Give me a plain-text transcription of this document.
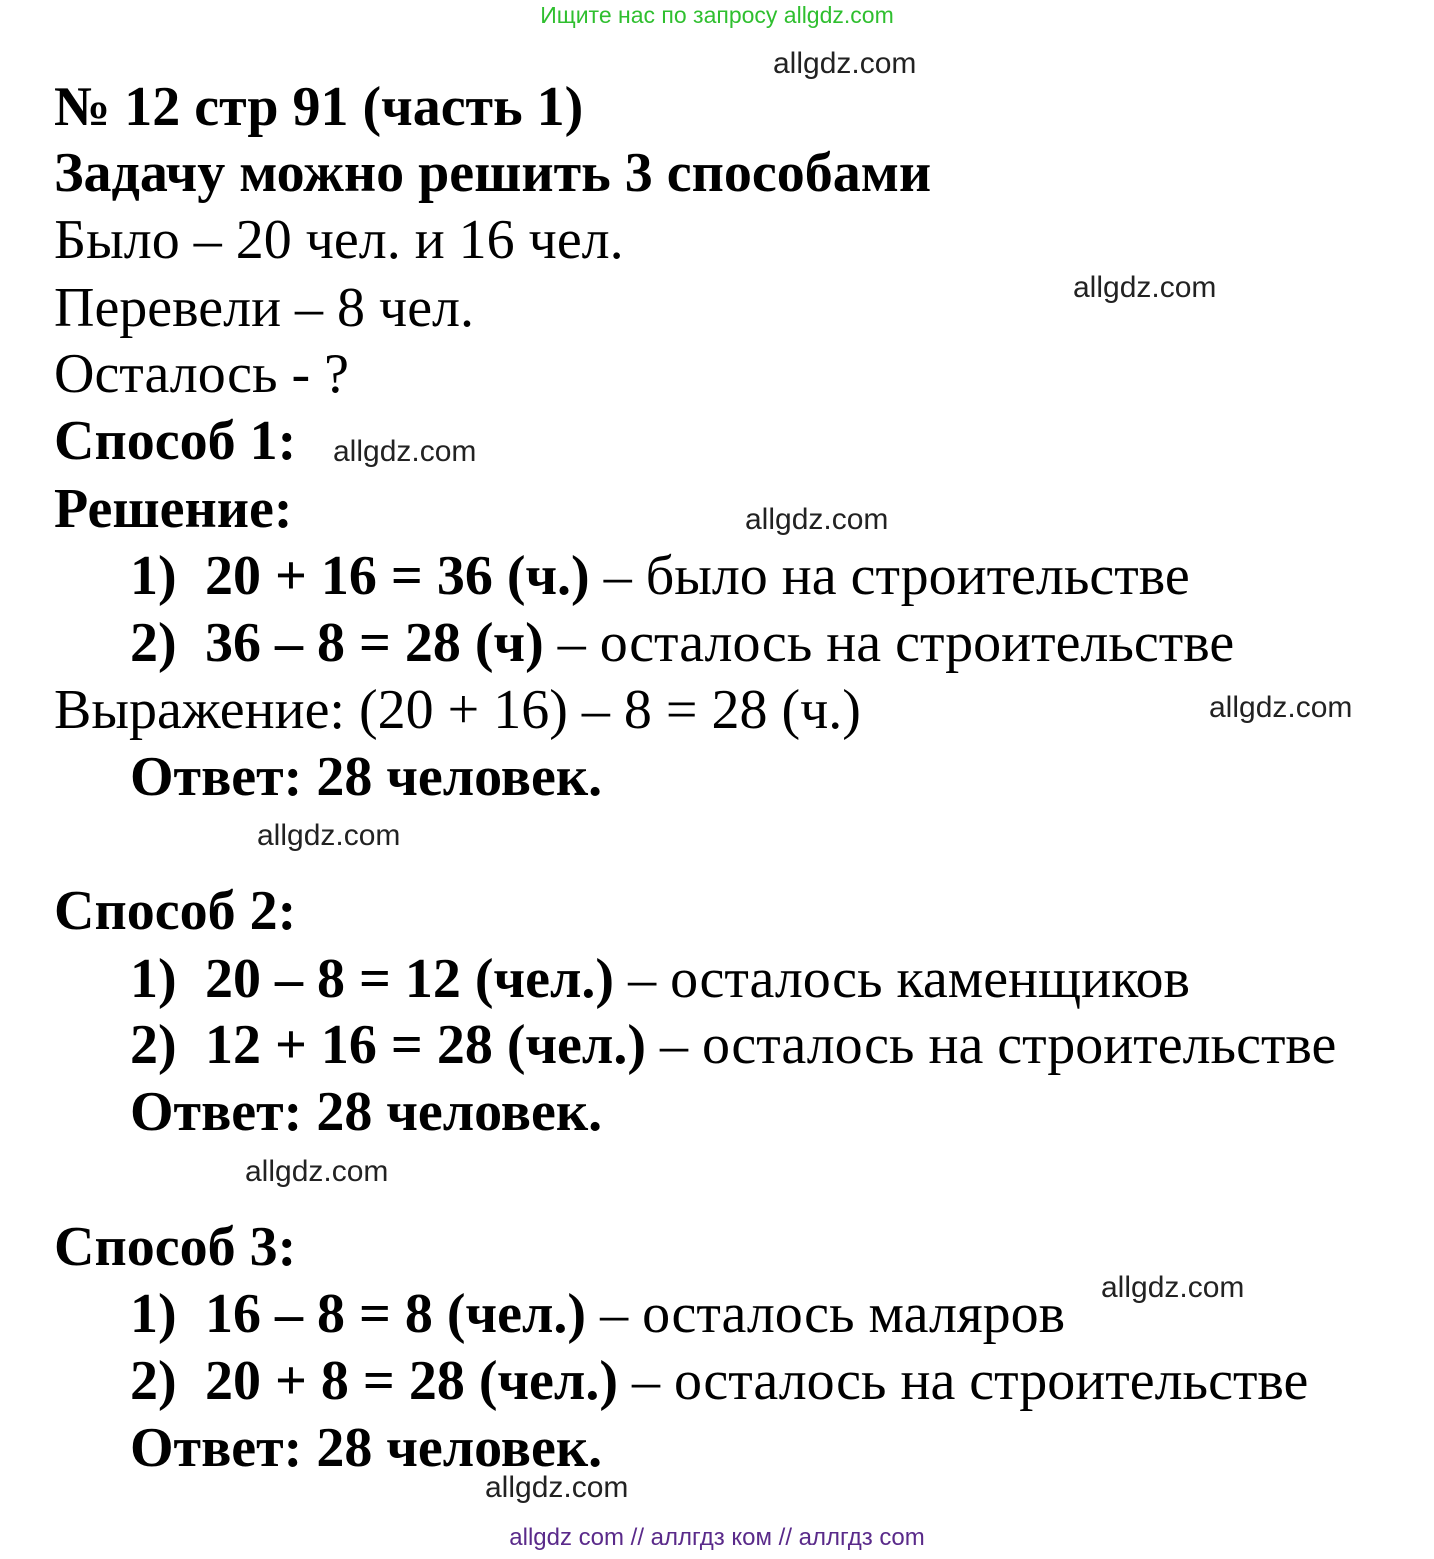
Ищите нас по запросу allgdz.com
allgdz com // аллгдз ком // аллгдз com
allgdz.com
allgdz.com
allgdz.com
allgdz.com
allgdz.com
allgdz.com
allgdz.com
allgdz.com
allgdz.com
№ 12 стр 91 (часть 1)
Задачу можно решить 3 способами
Было – 20 чел. и 16 чел.
Перевели – 8 чел.
Осталось - ?
Способ 1:
Решение:
1) 20 + 16 = 36 (ч.) – было на строительстве
2) 36 – 8 = 28 (ч) – осталось на строительстве
Выражение: (20 + 16) – 8 = 28 (ч.)
Ответ: 28 человек.
Способ 2:
1) 20 – 8 = 12 (чел.) – осталось каменщиков
2) 12 + 16 = 28 (чел.) – осталось на строительстве
Ответ: 28 человек.
Способ 3:
1) 16 – 8 = 8 (чел.) – осталось маляров
2) 20 + 8 = 28 (чел.) – осталось на строительстве
Ответ: 28 человек.
